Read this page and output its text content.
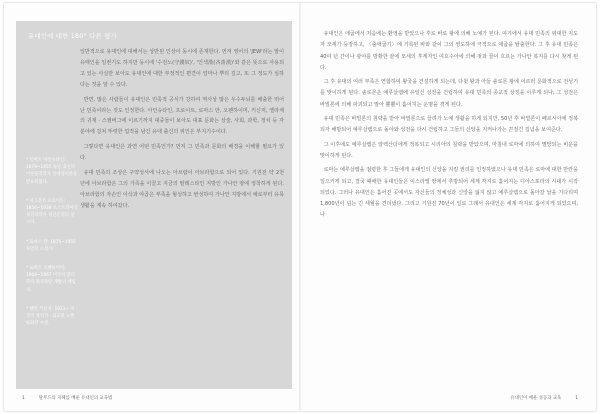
유대인에 대한 180° 다른 평가

일반적으로 유대인에 대해서는 상반된 인상이 동시에 존재한다. 먼저 영어의 'JEW'라는 말이 유태인을 일컫기도 하지만 동시에 '수전노(守錢奴)', '인색漢(吝嗇漢)'와 같은 뜻으로 사용되고 있는 사실만 보아도 유대인에 대한 부정적인 편견이 얼마나 뿌리 깊고, 또 그 정도가 심하다는 것을 알 수 있다.

반면, 많은 사람들이 유대인은 민족적 공식가 강하여 역사상 많은 우수두뇌를 배출한 뛰어난 민족이라는 것도 인정한다. 아인슈타인, 프로이트, 로마스 만, 오펜하이머, 키신저, 엘라체의 귀재 · 스필버그에 이르기까지 대중들이 보아도 대표 문화는 상술, 사회, 과학, 정치 등 각 분야에 걸쳐 뚜렷한 업적을 남긴 유대 출신의 위인은 부지기수이다.

그렇다면 유대인은 과연 어떤 민족인가? 먼저 그 민족과 문화의 배경을 이해할 필요가 있다.

유대 민족의 조상은 구약성서에 나오는 아브람이 아브라함으로 되어 있다. 기원전 약 2천 년에 아브라함은 그의 가족을 이끌고 지금의 팔레스타인 지방인 가나안 땅에 정착하게 된다. 아브라함의 자손인 이삭과 야곱은 부족을 형성하고 번성하여 가나안 지방에서 예로부터 유목 생활을 계속 하여갔다.

* 알버트 아인슈타인: 1879~1955 독일 출신의 이론물리학자 상대성이론을 발표하였다.

* 지그문트 프로이트: 1856~1939 오스트리아의 정신의학자 정신분석의 창시자.

* 토마스 만: 1875~1955 독일의 소설가.

* 로버트 오펜하이머: 1904~1967 미국의 물리학자 원자폭탄 개발의 책임자.

* 헨리 키신저: 1923~ 미국의 정치가 · 외교관 노벨평화상 수상.

1	탈무드의 지혜를 배운 유대인의 교육법

유대인은 애굽에서 처음에는 환영을 받았으나 후로 바로 왕에 의해 노예가 된다. 여기에서 유대 민족의 위대한 지도자 모세가 등장하고, 〈출애굽기〉에 기록된 바와 같이 그의 영도하에 극적으로 애굽을 탈출한다. 그 후 유대 민족은 40여 년 간이나 광야를 방황한 끝에 모세의 후계자인 여호수아에 의해 젖과 꿀이 흐르는 가나안 복지를 다시 찾게 된다.

그 후 유대의 여러 부족은 연합하여 왕국을 건설하게 되는데, 다윗 왕과 아들 솔로몬 왕에 이르러 문화적으로 전성기를 맞이하게 된다. 솔로몬은 예루살렘에 유일신 성전을 건립하여 유대 민족의 종교적 상징을 이루게 되나, 그 성전은 바빌론에 의해 파괴되고 말아 뿔뿔이 흩어지는 운명을 겪게 된다.

유대 민족은 바빌론의 침략을 받아 바빌론으로 끌려가 노예 생활을 하게 되지만, 50년 후 바빌론이 페르시아에 정복되자 해방되어 예루살렘으로 돌아와 성전을 다시 건립하고 그들의 신앙을 지켜나가는 끈질긴 집념을 보여준다.

그 이후에도 예루살렘은 알렉산더에게 정복되고 시리아의 침략을 받았으며, 마침내 로마에 의하여 멸망되는 비운을 맞이하게 된다.

로마는 예루살렘을 점령한 후 그들에게 유대인의 신앙을 지킬 권리를 인정하였으나 유대 민족은 로마에 대한 반란을 일으키게 되고, 결국 패배한 유대인들은 이스라엘 땅에서 추방되어 세계 각지로 흩어지는 디아스포라의 시대가 시작되었다. 그러나 유대인은 흩어진 곳에서도 자신들의 정체성과 신앙을 잃지 않고 예루살렘으로 돌아갈 날을 기다리며 1,800년이 넘는 긴 세월을 견뎌냈다. 그리고 기원전 70년이 일로 그래서 유대인은 세계 각지로 흩어지게 되었으며, 나

유대인이 배운 성공과 교육	1
